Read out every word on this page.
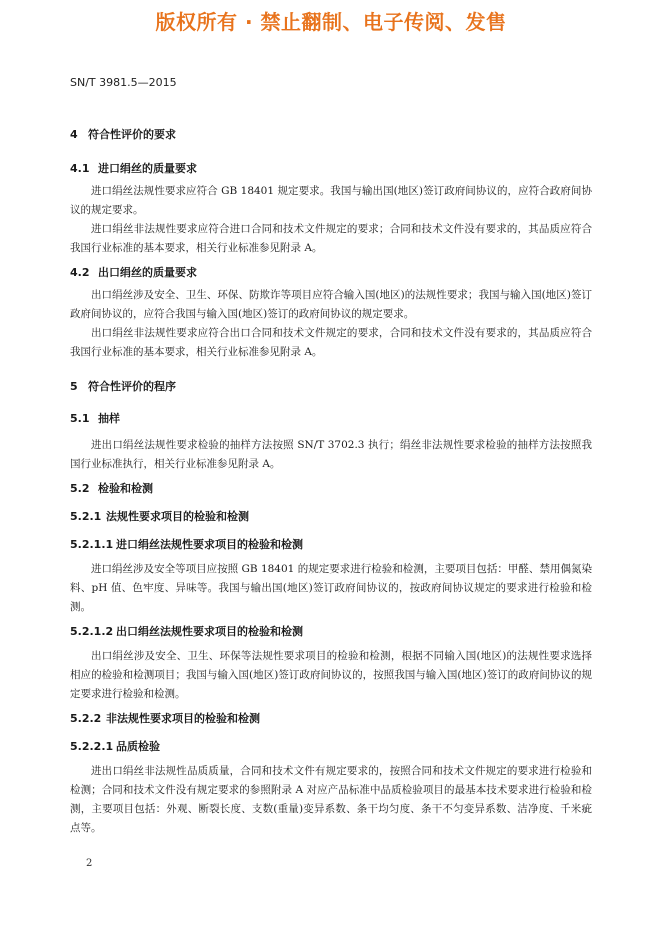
版权所有 · 禁止翻制、电子传阅、发售
SN/T 3981.5—2015
4 符合性评价的要求
4.1 进口绢丝的质量要求

进口绢丝法规性要求应符合 GB 18401 规定要求。我国与输出国(地区)签订政府间协议的，应符合政府间协议的规定要求。

进口绢丝非法规性要求应符合进口合同和技术文件规定的要求；合同和技术文件没有要求的，其品质应符合我国行业标准的基本要求，相关行业标准参见附录 A。

4.2 出口绢丝的质量要求

出口绢丝涉及安全、卫生、环保、防欺诈等项目应符合输入国(地区)的法规性要求；我国与输入国(地区)签订政府间协议的，应符合我国与输入国(地区)签订的政府间协议的规定要求。

出口绢丝非法规性要求应符合出口合同和技术文件规定的要求，合同和技术文件没有要求的，其品质应符合我国行业标准的基本要求，相关行业标准参见附录 A。

5 符合性评价的程序
5.1 抽样

进出口绢丝法规性要求检验的抽样方法按照 SN/T 3702.3 执行；绢丝非法规性要求检验的抽样方法按照我国行业标准执行，相关行业标准参见附录 A。

5.2 检验和检测
5.2.1 法规性要求项目的检验和检测
5.2.1.1 进口绢丝法规性要求项目的检验和检测

进口绢丝涉及安全等项目应按照 GB 18401 的规定要求进行检验和检测，主要项目包括：甲醛、禁用偶氮染料、pH 值、色牢度、异味等。我国与输出国(地区)签订政府间协议的，按政府间协议规定的要求进行检验和检测。

5.2.1.2 出口绢丝法规性要求项目的检验和检测

出口绢丝涉及安全、卫生、环保等法规性要求项目的检验和检测，根据不同输入国(地区)的法规性要求选择相应的检验和检测项目；我国与输入国(地区)签订政府间协议的，按照我国与输入国(地区)签订的政府间协议的规定要求进行检验和检测。

5.2.2 非法规性要求项目的检验和检测
5.2.2.1 品质检验

进出口绢丝非法规性品质质量，合同和技术文件有规定要求的，按照合同和技术文件规定的要求进行检验和检测；合同和技术文件没有规定要求的参照附录 A 对应产品标准中品质检验项目的最基本技术要求进行检验和检测，主要项目包括：外观、断裂长度、支数(重量)变异系数、条干均匀度、条干不匀变异系数、洁净度、千米疵点等。

2
